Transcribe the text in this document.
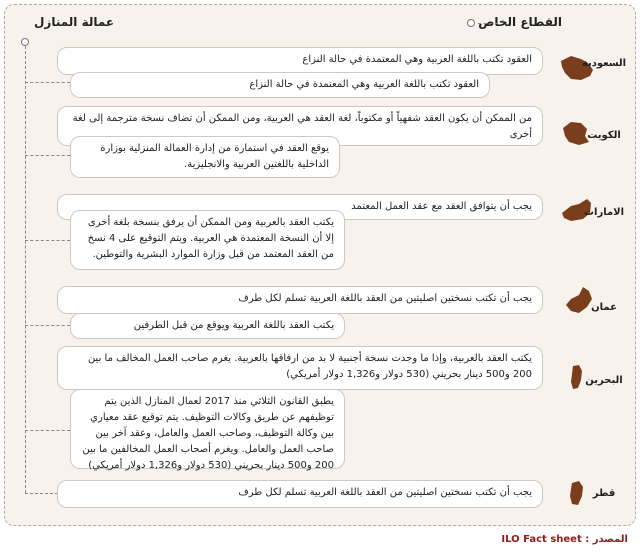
القطاع الخاص
عمالة المنازل
العقود تكتب باللغة العربية وهي المعتمدة في حالة النزاع
العقود تكتب باللغة العربية وهي المعتمدة في حالة النزاع
السعودية
من الممكن أن يكون العقد شفهياً أو مكتوباً، لغة العقد هي العربية، ومن الممكن أن تضاف نسخة مترجمة إلى لغة أخرى
يوقع العقد في استمارة من إدارة العمالة المنزلية بوزارة الداخلية باللغتين العربية والانجليزية.
الكويت
يجب أن يتوافق العقد مع عقد العمل المعتمد
يكتب العقد بالعربية ومن الممكن أن يرفق بنسخة بلغة أخرى إلا أن النسخة المعتمدة هي العربية. ويتم التوقيع على 4 نسخ من العقد المعتمد من قبل وزارة الموارد البشرية والتوطين.
الامارات
يجب أن تكتب نسختين اصليتين من العقد باللغة العربية تسلم لكل طرف
يكتب العقد باللغة العربية ويوقع من قبل الطرفين
عمان
يكتب العقد بالعربية، وإذا ما وجدت نسخة أجنبية لا بد من ارفاقها بالعربية. يغرم صاحب العمل المخالف ما بين 200 و500 دينار بحريني (530 دولار و1,326 دولار أمريكي)
يطبق القانون الثلاثي منذ 2017 لعمال المنازل الذين يتم توظيفهم عن طريق وكالات التوظيف. يتم توقيع عقد معياري بين وكالة التوظيف، وصاحب العمل والعامل، وعقد آخر بين صاحب العمل والعامل. ويغرم أصحاب العمل المخالفين ما بين 200 و500 دينار بحريني (530 دولار و1,326 دولار أمريكي)
البحرين
يجب أن تكتب نسختين اصليتين من العقد باللغة العربية تسلم لكل طرف	قطر
المصدر : ILO Fact sheet
